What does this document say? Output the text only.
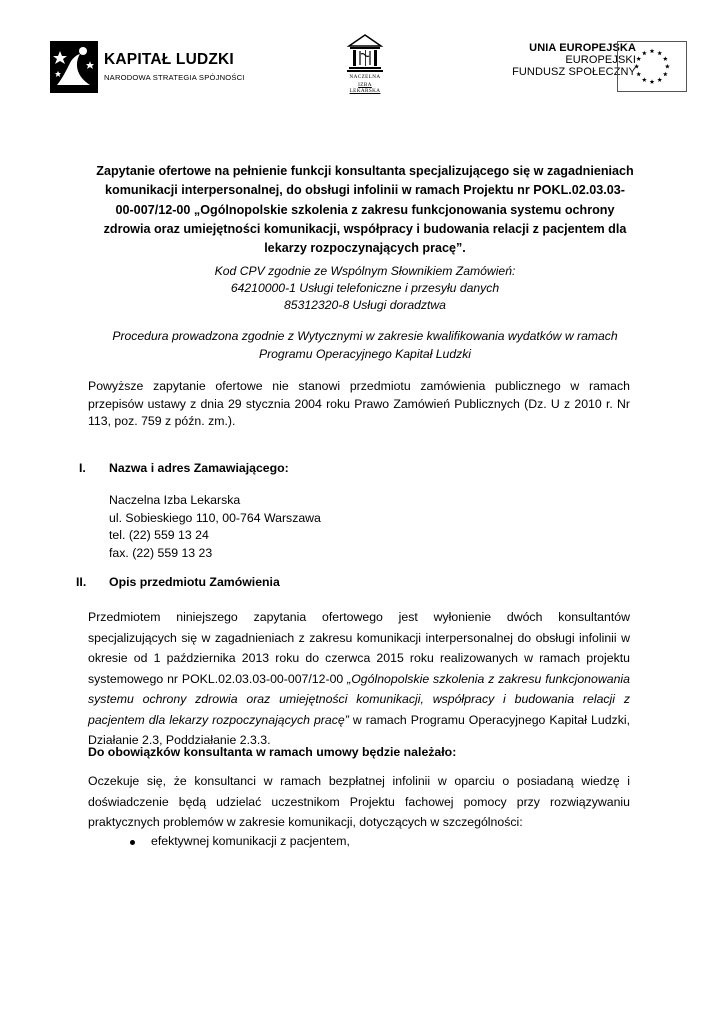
KAPITAŁ LUDZKI
NARODOWA STRATEGIA SPÓJNOŚCI	NACZELNA
IZBA LEKARSKA
UNIA EUROPEJSKA
EUROPEJSKI
FUNDUSZ SPOŁECZNY

Zapytanie ofertowe na pełnienie funkcji konsultanta specjalizującego się w zagadnieniach

komunikacji interpersonalnej, do obsługi infolinii w ramach Projektu nr POKL.02.03.03-

00-007/12-00 „Ogólnopolskie szkolenia z zakresu funkcjonowania systemu ochrony

zdrowia oraz umiejętności komunikacji, współpracy i budowania relacji z pacjentem dla

lekarzy rozpoczynających pracę”.

Kod CPV zgodnie ze Wspólnym Słownikiem Zamówień:

64210000-1 Usługi telefoniczne i przesyłu danych

85312320-8 Usługi doradztwa

Procedura prowadzona zgodnie z Wytycznymi w zakresie kwalifikowania wydatków w ramach

Programu Operacyjnego Kapitał Ludzki

Powyższe zapytanie ofertowe nie stanowi przedmiotu zamówienia publicznego w ramach przepisów ustawy z dnia 29 stycznia 2004 roku Prawo Zamówień Publicznych (Dz. U z 2010 r. Nr 113, poz. 759 z późn. zm.).

I. Nazwa i adres Zamawiającego:

Naczelna Izba Lekarska

ul. Sobieskiego 110, 00-764 Warszawa

tel. (22) 559 13 24

fax. (22) 559 13 23

II. Opis przedmiotu Zamówienia

Przedmiotem niniejszego zapytania ofertowego jest wyłonienie dwóch konsultantów specjalizujących się w zagadnieniach z zakresu komunikacji interpersonalnej do obsługi infolinii w okresie od 1 października 2013 roku do czerwca 2015 roku realizowanych w ramach projektu systemowego nr POKL.02.03.03-00-007/12-00 „Ogólnopolskie szkolenia z zakresu funkcjonowania systemu ochrony zdrowia oraz umiejętności komunikacji, współpracy i budowania relacji z pacjentem dla lekarzy rozpoczynających pracę” w ramach Programu Operacyjnego Kapitał Ludzki, Działanie 2.3, Poddziałanie 2.3.3.

Do obowiązków konsultanta w ramach umowy będzie należało:

Oczekuje się, że konsultanci w ramach bezpłatnej infolinii w oparciu o posiadaną wiedzę i doświadczenie będą udzielać uczestnikom Projektu fachowej pomocy przy rozwiązywaniu praktycznych problemów w zakresie komunikacji, dotyczących w szczególności:

efektywnej komunikacji z pacjentem,
